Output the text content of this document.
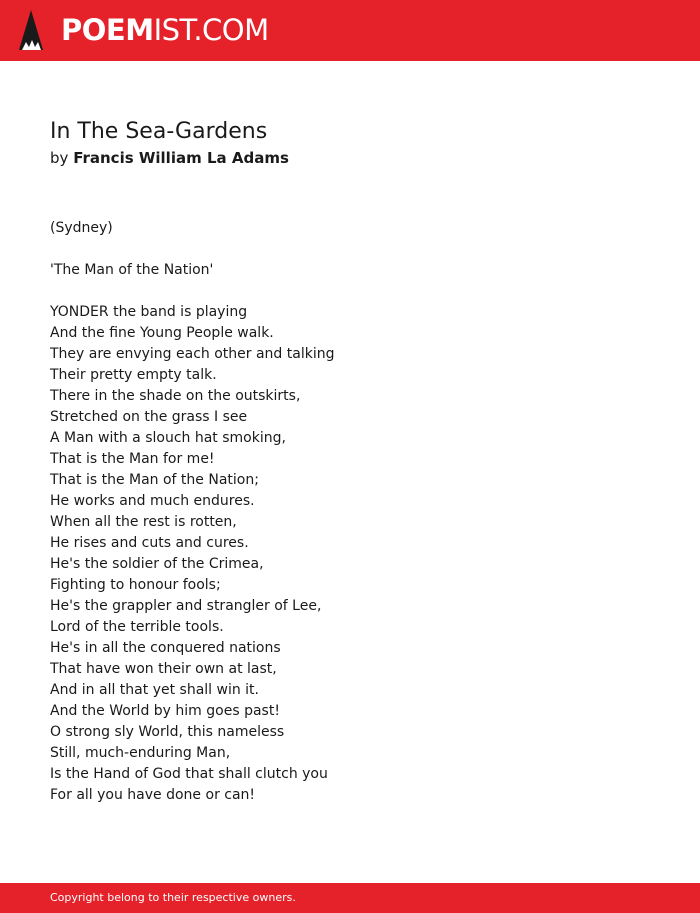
POEMIST.COM
In The Sea-Gardens
by Francis William La Adams
(Sydney)
'The Man of the Nation'
YONDER the band is playing
And the fine Young People walk.
They are envying each other and talking
Their pretty empty talk.
There in the shade on the outskirts,
Stretched on the grass I see
A Man with a slouch hat smoking,
That is the Man for me!
That is the Man of the Nation;
He works and much endures.
When all the rest is rotten,
He rises and cuts and cures.
He's the soldier of the Crimea,
Fighting to honour fools;
He's the grappler and strangler of Lee,
Lord of the terrible tools.
He's in all the conquered nations
That have won their own at last,
And in all that yet shall win it.
And the World by him goes past!
O strong sly World, this nameless
Still, much-enduring Man,
Is the Hand of God that shall clutch you
For all you have done or can!
Copyright belong to their respective owners.
